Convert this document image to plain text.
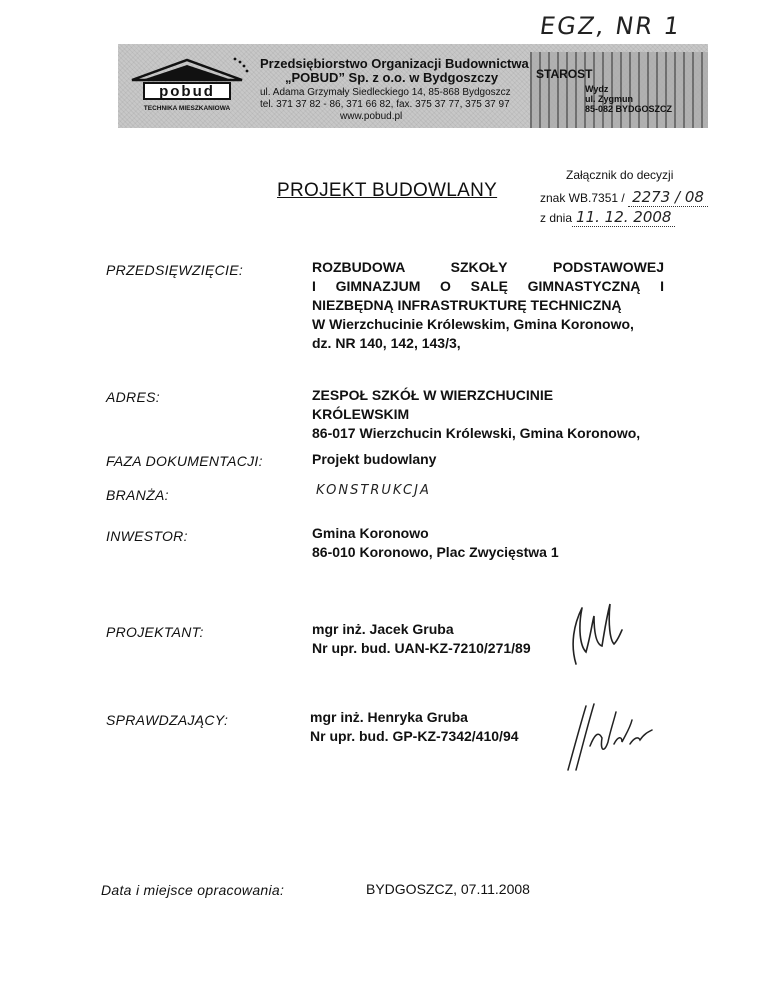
EGZ, NR 1
pobud
TECHNIKA MIESZKANIOWA
Przedsiębiorstwo Organizacji Budownictwa
„POBUD” Sp. z o.o. w Bydgoszczy
ul. Adama Grzymały Siedleckiego 14, 85-868 Bydgoszcz
tel. 371 37 82 - 86, 371 66 82, fax. 375 37 77, 375 37 97
www.pobud.pl
STAROST
Wydz
ul. Zygmun
85-082 BYDGOSZCZ
Załącznik do decyzji
znak WB.7351 / 2273 / 08
z dnia 11. 12. 2008
PROJEKT BUDOWLANY
PRZEDSIĘWZIĘCIE:	ROZBUDOWA SZKOŁY PODSTAWOWEJ
I GIMNAZJUM O SALĘ GIMNASTYCZNĄ I
NIEZBĘDNĄ INFRASTRUKTURĘ TECHNICZNĄ
W Wierzchucinie Królewskim, Gmina Koronowo,
dz. NR 140, 142, 143/3,
ADRES:	ZESPOŁ SZKÓŁ W WIERZCHUCINIE
KRÓLEWSKIM
86-017 Wierzchucin Królewski, Gmina Koronowo,
FAZA DOKUMENTACJI:	Projekt budowlany
BRANŻA:	KONSTRUKCJA
INWESTOR:	Gmina Koronowo
86-010 Koronowo, Plac Zwycięstwa 1
PROJEKTANT:	mgr inż. Jacek Gruba
Nr upr. bud. UAN-KZ-7210/271/89
SPRAWDZAJĄCY:	mgr inż. Henryka Gruba
Nr upr. bud. GP-KZ-7342/410/94
Data i miejsce opracowania:	BYDGOSZCZ, 07.11.2008
